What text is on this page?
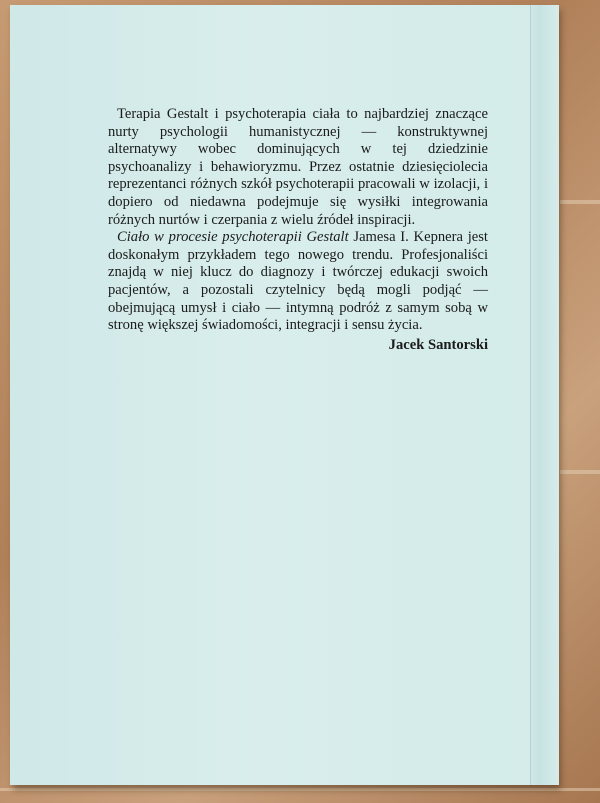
Terapia Gestalt i psychoterapia ciała to najbardziej znaczące nurty psychologii humanistycznej — konstruktywnej alternatywy wobec dominujących w tej dziedzinie psychoanalizy i behawioryzmu. Przez ostatnie dziesięciolecia reprezentanci różnych szkół psychoterapii pracowali w izolacji, i dopiero od niedawna podejmuje się wysiłki integrowania różnych nurtów i czerpania z wielu źródeł inspiracji.

Ciało w procesie psychoterapii Gestalt Jamesa I. Kepnera jest doskonałym przykładem tego nowego trendu. Profesjonaliści znajdą w niej klucz do diagnozy i twórczej edukacji swoich pacjentów, a pozostali czytelnicy będą mogli podjąć — obejmującą umysł i ciało — intymną podróż z samym sobą w stronę większej świadomości, integracji i sensu życia.

Jacek Santorski
